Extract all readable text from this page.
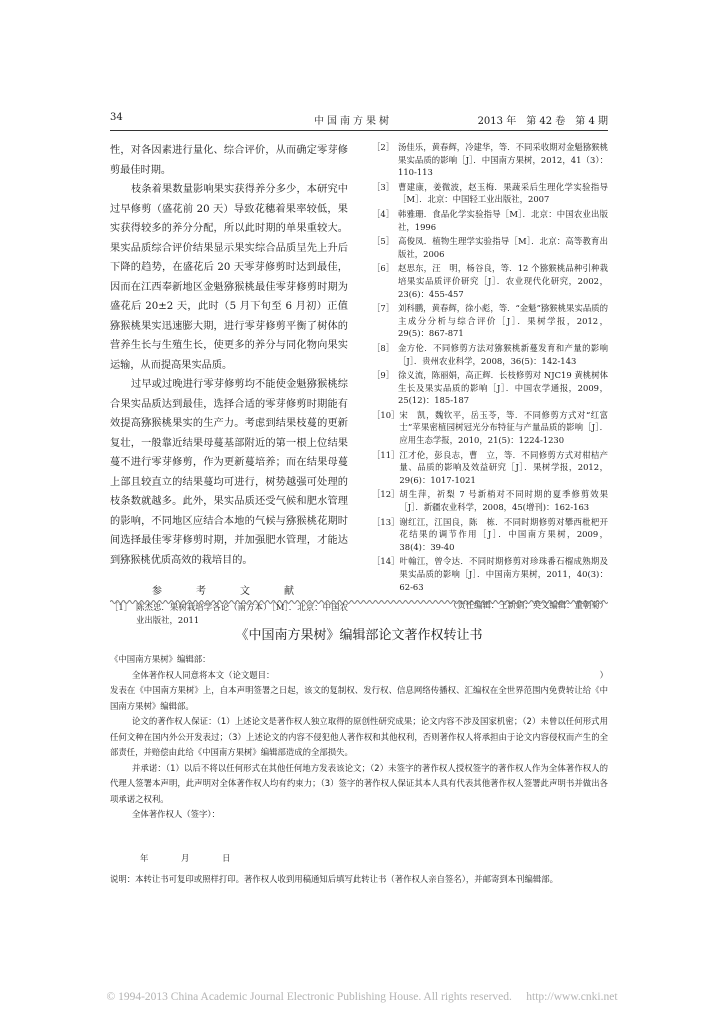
34	中国南方果树	2013 年　第 42 卷　第 4 期

性，对各因素进行量化、综合评价，从而确定零芽修剪最佳时期。

枝条着果数量影响果实获得养分多少，本研究中过早修剪（盛花前 20 天）导致花穗着果率较低，果实获得较多的养分分配，所以此时期的单果重较大。果实品质综合评价结果显示果实综合品质呈先上升后下降的趋势，在盛花后 20 天零芽修剪时达到最佳，因而在江西奉新地区金魁猕猴桃最佳零芽修剪时期为盛花后 20±2 天，此时（5 月下旬至 6 月初）正值猕猴桃果实迅速膨大期，进行零芽修剪平衡了树体的营养生长与生殖生长，使更多的养分与同化物向果实运输，从而提高果实品质。

过早或过晚进行零芽修剪均不能使金魁猕猴桃综合果实品质达到最佳，选择合适的零芽修剪时期能有效提高猕猴桃果实的生产力。考虑到结果枝蔓的更新复壮，一般靠近结果母蔓基部附近的第一根上位结果蔓不进行零芽修剪，作为更新蔓培养；而在结果母蔓上部且较直立的结果蔓均可进行，树势越强可处理的枝条数就越多。此外，果实品质还受气候和肥水管理的影响，不同地区应结合本地的气候与猕猴桃花期时间选择最佳零芽修剪时期，并加强肥水管理，才能达到猕猴桃优质高效的栽培目的。

参　考　文　献
［1］ 陈杰忠．果树栽培学各论（南方本）［M］．北京：中国农业出版社，2011
［2］ 汤佳乐，黄春辉，冷建华，等．不同采收期对金魁猕猴桃果实品质的影响［J］．中国南方果树，2012，41（3）：110-113
［3］ 曹建康，姜微波，赵玉梅．果蔬采后生理化学实验指导［M］．北京：中国轻工业出版社，2007
［4］ 韩雅珊．食品化学实验指导［M］．北京：中国农业出版社，1996
［5］ 高俊凤．植物生理学实验指导［M］．北京：高等教育出版社，2006
［6］ 赵思东，汪　明，杨谷良，等．12 个猕猴桃品种引种栽培果实品质评价研究［J］．农业现代化研究，2002，23(6)：455-457
［7］ 刘科鹏，黄春辉，徐小彪，等．“金魁”猕猴桃果实品质的主成分分析与综合评价［J］．果树学报，2012，29(5)：867-871
［8］ 金方伦．不同修剪方法对猕猴桃新蔓发育和产量的影响［J］．贵州农业科学，2008，36(5)：142-143
［9］ 徐义流，陈丽娟，高正辉．长枝修剪对 NJC19 黄桃树体生长及果实品质的影响［J］．中国农学通报，2009，25(12)：185-187
［10］ 宋　凯，魏钦平，岳玉苓，等．不同修剪方式对“红富士”苹果密植园树冠光分布特征与产量品质的影响［J］．应用生态学报，2010，21(5)：1224-1230
［11］ 江才伦，彭良志，曹　立，等．不同修剪方式对柑桔产量、品质的影响及效益研究［J］．果树学报，2012，29(6)：1017-1021
［12］ 胡生萍，祈梨 7 号新梢对不同时期的夏季修剪效果［J］．新疆农业科学，2008，45(增刊)：162-163
［13］ 谢红江，江国良，陈　栋．不同时期修剪对攀西枇杷开花结果的调节作用［J］．中国南方果树，2009，38(4)：39-40
［14］ 叶翰江，曾令达．不同时期修剪对珍珠番石榴成熟期及果实品质的影响［J］．中国南方果树，2011，40(3)：62-63
（责任编辑：王新娟；英文编辑：董朝菊）
《中国南方果树》编辑部论文著作权转让书

《中国南方果树》编辑部：

全体著作权人同意将本文（论文题目：	）

发表在《中国南方果树》上，自本声明签署之日起，该文的复制权、发行权、信息网络传播权、汇编权在全世界范围内免费转让给《中国南方果树》编辑部。

论文的著作权人保证：（1）上述论文是著作权人独立取得的原创性研究成果；论文内容不涉及国家机密；（2）未曾以任何形式用任何文种在国内外公开发表过；（3）上述论文的内容不侵犯他人著作权和其他权利，否则著作权人将承担由于论文内容侵权而产生的全部责任，并赔偿由此给《中国南方果树》编辑部造成的全部损失。

并承诺：（1）以后不将以任何形式在其他任何地方发表该论文；（2）未签字的著作权人授权签字的著作权人作为全体著作权人的代理人签署本声明，此声明对全体著作权人均有约束力；（3）签字的著作权人保证其本人具有代表其他著作权人签署此声明书并做出各项承诺之权利。

全体著作权人（签字）：

年	月	日

说明：本转让书可复印或照样打印。著作权人收到用稿通知后填写此转让书（著作权人亲自签名），并邮寄到本刊编辑部。

© 1994-2013 China Academic Journal Electronic Publishing House. All rights reserved.　 http://www.cnki.net
